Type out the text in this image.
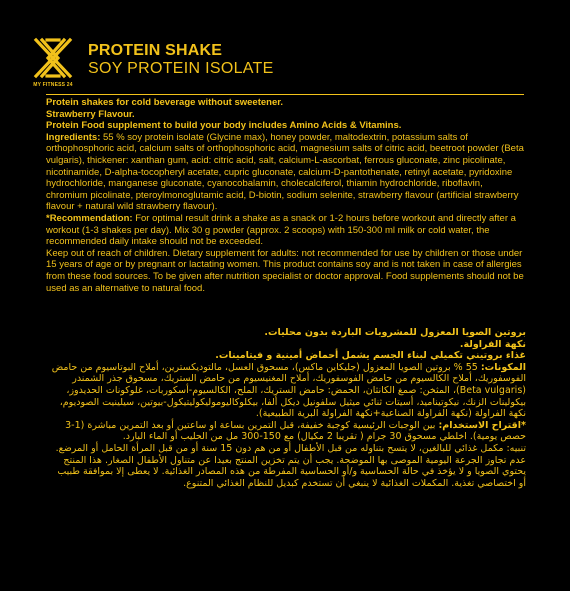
MY FITNESS 24
PROTEIN SHAKE
SOY PROTEIN ISOLATE

Protein shakes for cold beverage without sweetener.

Strawberry Flavour.

Protein Food supplement to build your body includes Amino Acids & Vitamins.

Ingredients: 55 % soy protein isolate (Glycine max), honey powder, maltodextrin, potassium salts of orthophosphoric acid, calcium salts of orthophosphoric acid, magnesium salts of citric acid, beetroot powder (Beta vulgaris), thickener: xanthan gum, acid: citric acid, salt, calcium-L-ascorbat, ferrous gluconate, zinc picolinate, nicotinamide, D-alpha-tocopheryl acetate, cupric gluconate, calcium-D-pantothenate, retinyl acetate, pyridoxine hydrochloride, manganese gluconate, cyanocobalamin, cholecalciferol, thiamin hydrochloride, riboflavin, chromium picolinate, pteroylmonoglutamic acid, D-biotin, sodium selenite, strawberry flavour (artificial strawberry flavour + natural wild strawberry flavour).

*Recommendation: For optimal result drink a shake as a snack or 1-2 hours before workout and directly after a workout (1-3 shakes per day). Mix 30 g powder (approx. 2 scoops) with 150-300 ml milk or cold water, the recommended daily intake should not be exceeded.

Keep out of reach of children. Dietary supplement for adults: not recommended for use by children or those under 15 years of age or by pregnant or lactating women. This product contains soy and is not taken in case of allergies from these food sources. To be given after nutrition specialist or doctor approval. Food supplements should not be used as an alternative to natural food.

بروتين الصويا المعزول للمشروبات الباردة بدون محليات.

نكهة الفراولة.

غذاء بروتيني تكميلي لبناء الجسم يشمل أحماض أمينية و فيتامينات.

المكونات: 55 % بروتين الصويا المعزول (جليكاين ماكس)، مسحوق العسل، مالتوديكسترين، أملاح البوتاسيوم من حامض الفوسفوريك، أملاح الكالسيوم من حامض الفوسفوريك، أملاح المغنيسيوم من حامض الستريك، مسحوق جذر الشمندر (Beta vulgaris)، المثخن: صمغ الكانثان، الحمض: حامض الستريك، الملح، الكالسيوم-أسكوربات، غلوكونات الحديدوز، بيكولينات الزنك، نيكوتيناميد، أسيتات ثنائي ميثيل سلفونيل ديكل ألفا، بيكلوكاليوموليكوليتيكول-بيوتين، سيلينيت الصوديوم، نكهة الفراولة (نكهة الفراولة الصناعية+نكهة الفراولة البرية الطبيعية).

*اقتراح الاستخدام: بين الوجبات الرئيسية كوجبة خفيفة، قبل التمرين بساعة او ساعتين أو بعد التمرين مباشرة (1-3 حصص يومية). اخلطي مسحوق 30 جرام ( تقريبا 2 مكيال) مع 150-300 مل من الحليب أو الماء البارد.

تنبيه: مكمل غذائي للبالغين، لا يتسح بتناوله من قبل الأطفال أو من هم دون 15 سنة أو من قبل المرأة الحامل أو المرضع. عدم تجاوز الجرعة اليومية الموصى بها الموضحة. يجب أن يتم تخزين المنتج بعيدا عن متناول الأطفال الصغار. هذا المنتج يحتوي الصويا و لا يؤخذ في حالة الحساسية و/أو الحساسية المفرطة من هذه المصادر الغذائية. لا يعطى إلا بموافقة طبيب أو اختصاصي تغذية. المكملات الغذائية لا ينبغي أن تستخدم كبديل للنظام الغذائي المتنوع.
